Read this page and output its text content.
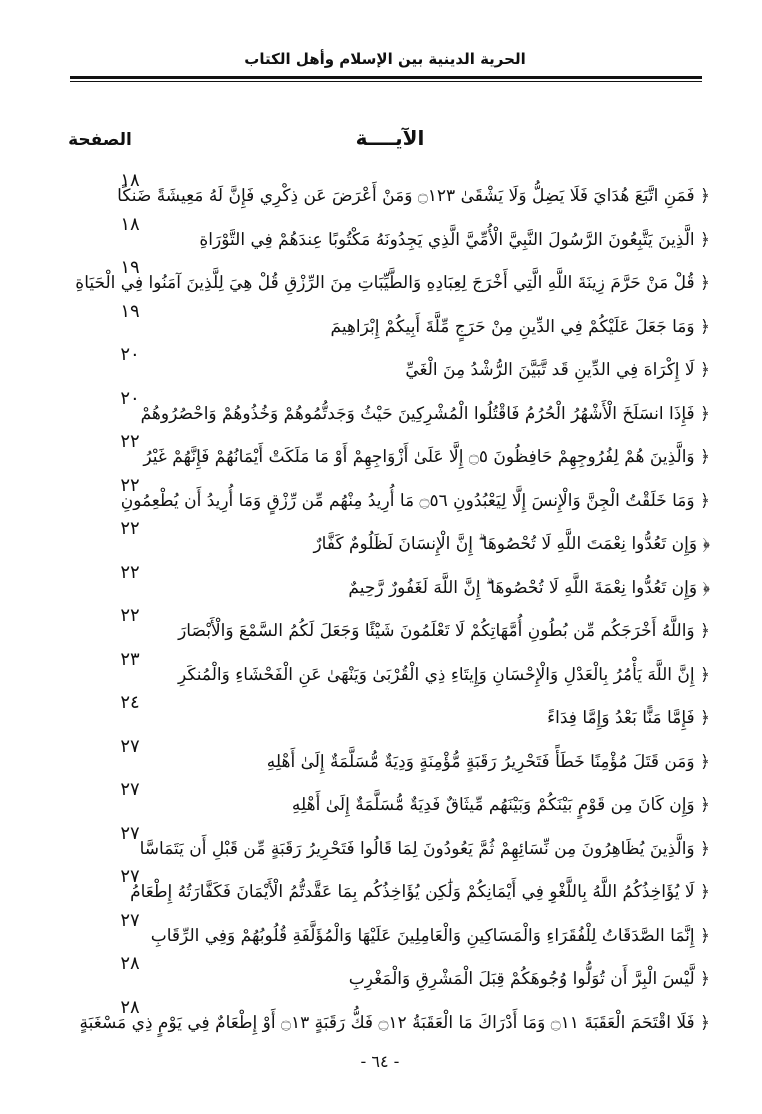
الحرية الدينية بين الإسلام وأهل الكتاب
الآيــــة
الصفحة
﴿ فَمَنِ اتَّبَعَ هُدَايَ فَلَا يَضِلُّ وَلَا يَشْقَىٰ ۝١٢٣ وَمَنْ أَعْرَضَ عَن ذِكْرِي فَإِنَّ لَهُ مَعِيشَةً ضَنكًا
١٨
﴿ الَّذِينَ يَتَّبِعُونَ الرَّسُولَ النَّبِيَّ الْأُمِّيَّ الَّذِي يَجِدُونَهُ مَكْتُوبًا عِندَهُمْ فِي التَّوْرَاةِ
١٨
﴿ قُلْ مَنْ حَرَّمَ زِينَةَ اللَّهِ الَّتِي أَخْرَجَ لِعِبَادِهِ وَالطَّيِّبَاتِ مِنَ الرِّزْقِ قُلْ هِيَ لِلَّذِينَ آمَنُوا فِي الْحَيَاةِ
١٩
﴿ وَمَا جَعَلَ عَلَيْكُمْ فِي الدِّينِ مِنْ حَرَجٍ مِّلَّةَ أَبِيكُمْ إِبْرَاهِيمَ
١٩
﴿ لَا إِكْرَاهَ فِي الدِّينِ قَد تَّبَيَّنَ الرُّشْدُ مِنَ الْغَيِّ
٢٠
﴿ فَإِذَا انسَلَخَ الْأَشْهُرُ الْحُرُمُ فَاقْتُلُوا الْمُشْرِكِينَ حَيْثُ وَجَدتُّمُوهُمْ وَخُذُوهُمْ وَاحْصُرُوهُمْ
٢٠
﴿ وَالَّذِينَ هُمْ لِفُرُوجِهِمْ حَافِظُونَ ۝٥ إِلَّا عَلَىٰ أَزْوَاجِهِمْ أَوْ مَا مَلَكَتْ أَيْمَانُهُمْ فَإِنَّهُمْ غَيْرُ
٢٢
﴿ وَمَا خَلَقْتُ الْجِنَّ وَالْإِنسَ إِلَّا لِيَعْبُدُونِ ۝٥٦ مَا أُرِيدُ مِنْهُم مِّن رِّزْقٍ وَمَا أُرِيدُ أَن يُطْعِمُونِ
٢٢
﴿ وَإِن تَعُدُّوا نِعْمَتَ اللَّهِ لَا تُحْصُوهَا ۗ إِنَّ الْإِنسَانَ لَظَلُومٌ كَفَّارٌ
٢٢
﴿ وَإِن تَعُدُّوا نِعْمَةَ اللَّهِ لَا تُحْصُوهَا ۗ إِنَّ اللَّهَ لَغَفُورٌ رَّحِيمٌ
٢٢
﴿ وَاللَّهُ أَخْرَجَكُم مِّن بُطُونِ أُمَّهَاتِكُمْ لَا تَعْلَمُونَ شَيْئًا وَجَعَلَ لَكُمُ السَّمْعَ وَالْأَبْصَارَ
٢٢
﴿ إِنَّ اللَّهَ يَأْمُرُ بِالْعَدْلِ وَالْإِحْسَانِ وَإِيتَاءِ ذِي الْقُرْبَىٰ وَيَنْهَىٰ عَنِ الْفَحْشَاءِ وَالْمُنكَرِ
٢٣
﴿ فَإِمَّا مَنًّا بَعْدُ وَإِمَّا فِدَاءً
٢٤
﴿ وَمَن قَتَلَ مُؤْمِنًا خَطَأً فَتَحْرِيرُ رَقَبَةٍ مُّؤْمِنَةٍ وَدِيَةٌ مُّسَلَّمَةٌ إِلَىٰ أَهْلِهِ
٢٧
﴿ وَإِن كَانَ مِن قَوْمٍ بَيْنَكُمْ وَبَيْنَهُم مِّيثَاقٌ فَدِيَةٌ مُّسَلَّمَةٌ إِلَىٰ أَهْلِهِ
٢٧
﴿ وَالَّذِينَ يُظَاهِرُونَ مِن نِّسَائِهِمْ ثُمَّ يَعُودُونَ لِمَا قَالُوا فَتَحْرِيرُ رَقَبَةٍ مِّن قَبْلِ أَن يَتَمَاسَّا
٢٧
﴿ لَا يُؤَاخِذُكُمُ اللَّهُ بِاللَّغْوِ فِي أَيْمَانِكُمْ وَلَٰكِن يُؤَاخِذُكُم بِمَا عَقَّدتُّمُ الْأَيْمَانَ فَكَفَّارَتُهُ إِطْعَامُ
٢٧
﴿ إِنَّمَا الصَّدَقَاتُ لِلْفُقَرَاءِ وَالْمَسَاكِينِ وَالْعَامِلِينَ عَلَيْهَا وَالْمُؤَلَّفَةِ قُلُوبُهُمْ وَفِي الرِّقَابِ
٢٧
﴿ لَّيْسَ الْبِرَّ أَن تُوَلُّوا وُجُوهَكُمْ قِبَلَ الْمَشْرِقِ وَالْمَغْرِبِ
٢٨
﴿ فَلَا اقْتَحَمَ الْعَقَبَةَ ۝١١ وَمَا أَدْرَاكَ مَا الْعَقَبَةُ ۝١٢ فَكُّ رَقَبَةٍ ۝١٣ أَوْ إِطْعَامٌ فِي يَوْمٍ ذِي مَسْغَبَةٍ
٢٨
- ٦٤ -
